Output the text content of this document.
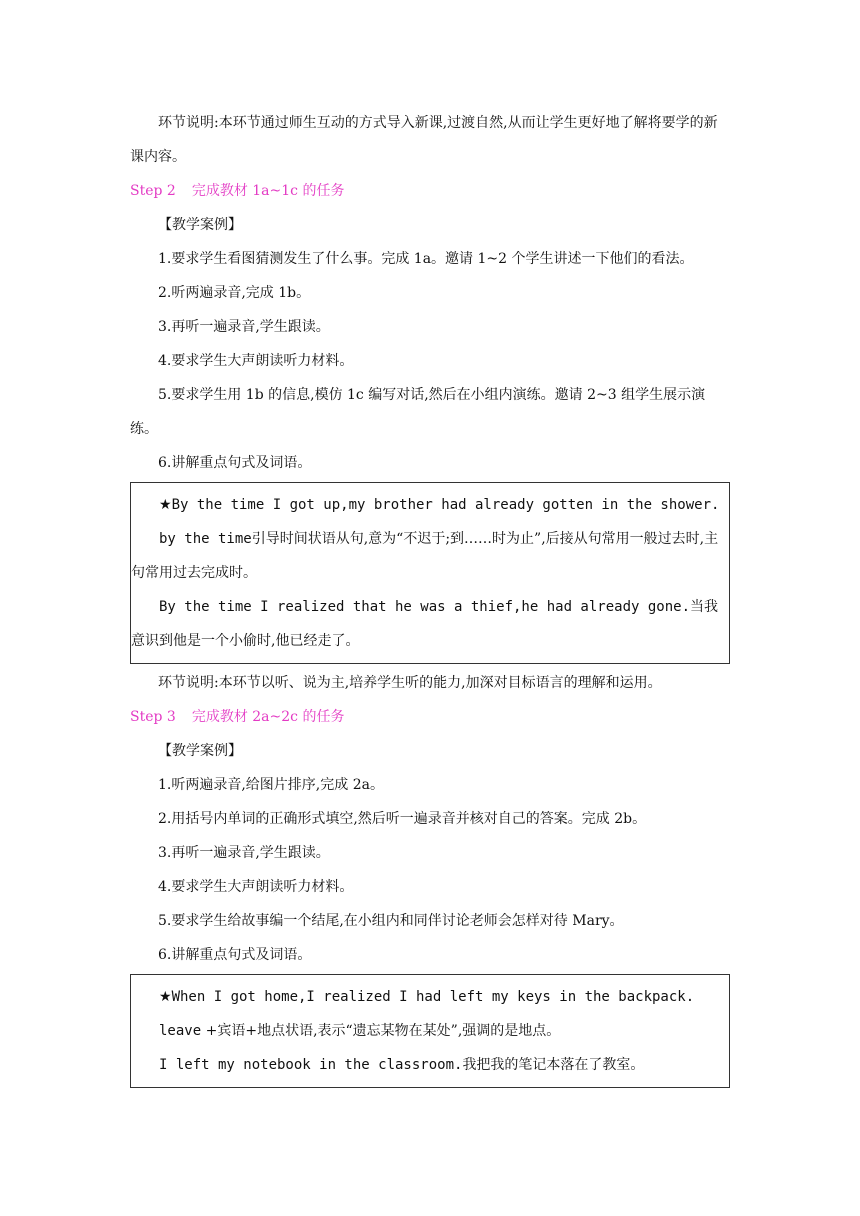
环节说明:本环节通过师生互动的方式导入新课,过渡自然,从而让学生更好地了解将要学的新课内容。

Step 2 完成教材 1a~1c 的任务

【教学案例】

1.要求学生看图猜测发生了什么事。完成 1a。邀请 1~2 个学生讲述一下他们的看法。

2.听两遍录音,完成 1b。

3.再听一遍录音,学生跟读。

4.要求学生大声朗读听力材料。

5.要求学生用 1b 的信息,模仿 1c 编写对话,然后在小组内演练。邀请 2~3 组学生展示演练。

6.讲解重点句式及词语。

★By the time I got up,my brother had already gotten in the shower.

by the time引导时间状语从句,意为“不迟于;到……时为止”,后接从句常用一般过去时,主句常用过去完成时。

By the time I realized that he was a thief,he had already gone.当我意识到他是一个小偷时,他已经走了。

环节说明:本环节以听、说为主,培养学生听的能力,加深对目标语言的理解和运用。

Step 3 完成教材 2a~2c 的任务

【教学案例】

1.听两遍录音,给图片排序,完成 2a。

2.用括号内单词的正确形式填空,然后听一遍录音并核对自己的答案。完成 2b。

3.再听一遍录音,学生跟读。

4.要求学生大声朗读听力材料。

5.要求学生给故事编一个结尾,在小组内和同伴讨论老师会怎样对待 Mary。

6.讲解重点句式及词语。

★When I got home,I realized I had left my keys in the backpack.

leave +宾语+地点状语,表示“遗忘某物在某处”,强调的是地点。

I left my notebook in the classroom.我把我的笔记本落在了教室。
